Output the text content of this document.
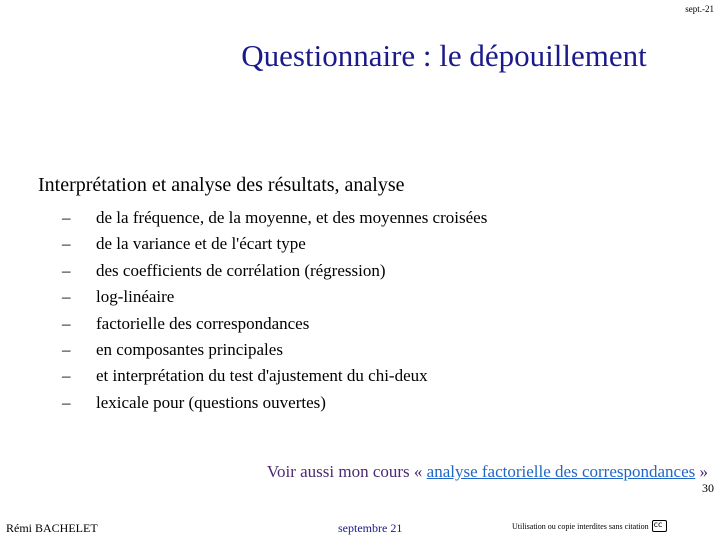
sept.-21
Questionnaire : le dépouillement

Interprétation et analyse des résultats, analyse

– de la fréquence, de la moyenne, et des moyennes croisées
– de la variance et de l'écart type
– des coefficients de corrélation (régression)
– log-linéaire
– factorielle des correspondances
– en composantes principales
– et interprétation du test d'ajustement du chi-deux
– lexicale pour (questions ouvertes)
Voir aussi mon cours « analyse factorielle des correspondances »
30
Rémi BACHELET	septembre 21	Utilisation ou copie interdites sans citationcc
